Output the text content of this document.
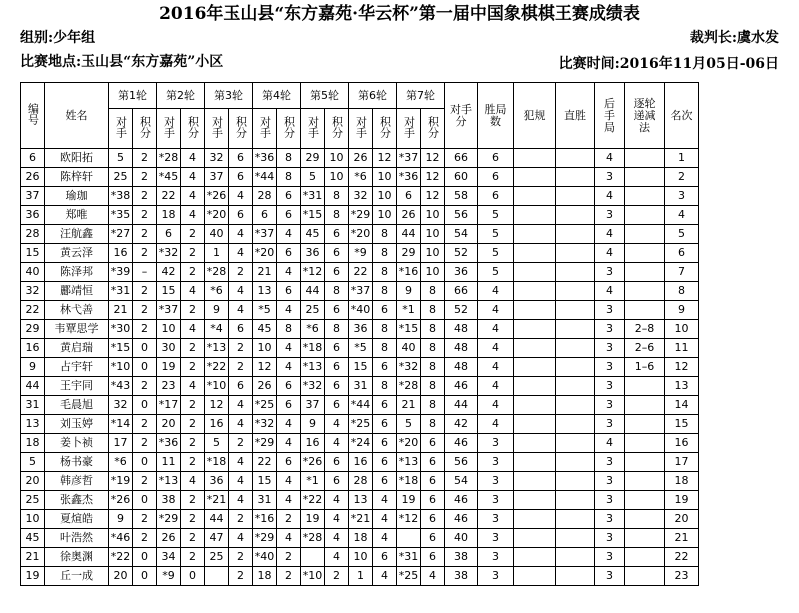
2016年玉山县“东方嘉苑·华云杯”第一届中国象棋棋王赛成绩表
组别:少年组	裁判长:虞水发
比赛地点:玉山县“东方嘉苑”小区	比赛时间:2016年11月05日-06日
编号	姓名	第1轮		第2轮		第3轮		第4轮		第5轮		第6轮		第7轮		对手分	胜局数	犯规	直胜	后手局	逐轮递减法	名次
		对手	积分	对手	积分	对手	积分	对手	积分	对手	积分	对手	积分	对手	积分							
6	欧阳拓	5	2	*28	4	32	6	*36	8	29	10	26	12	*37	12	66	6			4		1
26	陈梓轩	25	2	*45	4	37	6	*44	8	5	10	*6	10	*36	12	60	6			3		2
37	瑜珈	*38	2	22	4	*26	4	28	6	*31	8	32	10	6	12	58	6			4		3
36	郑唯	*35	2	18	4	*20	6	6	6	*15	8	*29	10	26	10	56	5			3		4
28	汪航鑫	*27	2	6	2	40	4	*37	4	45	6	*20	8	44	10	54	5			4		5
15	黄云泽	16	2	*32	2	1	4	*20	6	36	6	*9	8	29	10	52	5			4		6
40	陈泽邦	*39	–	42	2	*28	2	21	4	*12	6	22	8	*16	10	36	5			3		7
32	酈靖恒	*31	2	15	4	*6	4	13	6	44	8	*37	8	9	8	66	4			4		8
22	林弋善	21	2	*37	2	9	4	*5	4	25	6	*40	6	*1	8	52	4			3		9
29	韦覃思学	*30	2	10	4	*4	6	45	8	*6	8	36	8	*15	8	48	4			3	2–8	10
16	黄启瑞	*15	0	30	2	*13	2	10	4	*18	6	*5	8	40	8	48	4			3	2–6	11
9	占宇轩	*10	0	19	2	*22	2	12	4	*13	6	15	6	*32	8	48	4			3	1–6	12
44	王宇同	*43	2	23	4	*10	6	26	6	*32	6	31	8	*28	8	46	4			3		13
31	毛晨旭	32	0	*17	2	12	4	*25	6	37	6	*44	6	21	8	44	4			3		14
13	刘玉婷	*14	2	20	2	16	4	*32	4	9	4	*25	6	5	8	42	4			3		15
18	姜卜祯	17	2	*36	2	5	2	*29	4	16	4	*24	6	*20	6	46	3			4		16
5	杨书豪	*6	0	11	2	*18	4	22	6	*26	6	16	6	*13	6	56	3			3		17
20	韩彦哲	*19	2	*13	4	36	4	15	4	*1	6	28	6	*18	6	54	3			3		18
25	张鑫杰	*26	0	38	2	*21	4	31	4	*22	4	13	4	19	6	46	3			3		19
10	夏煊皓	9	2	*29	2	44	2	*16	2	19	4	*21	4	*12	6	46	3			3		20
45	叶浩然	*46	2	26	2	47	4	*29	4	*28	4	18	4		6	40	3			3		21
21	徐奥渊	*22	0	34	2	25	2	*40	2		4	10	6	*31	6	38	3			3		22
19	丘一成	20	0	*9	0		2	18	2	*10	2	1	4	*25	4	38	3			3		23
